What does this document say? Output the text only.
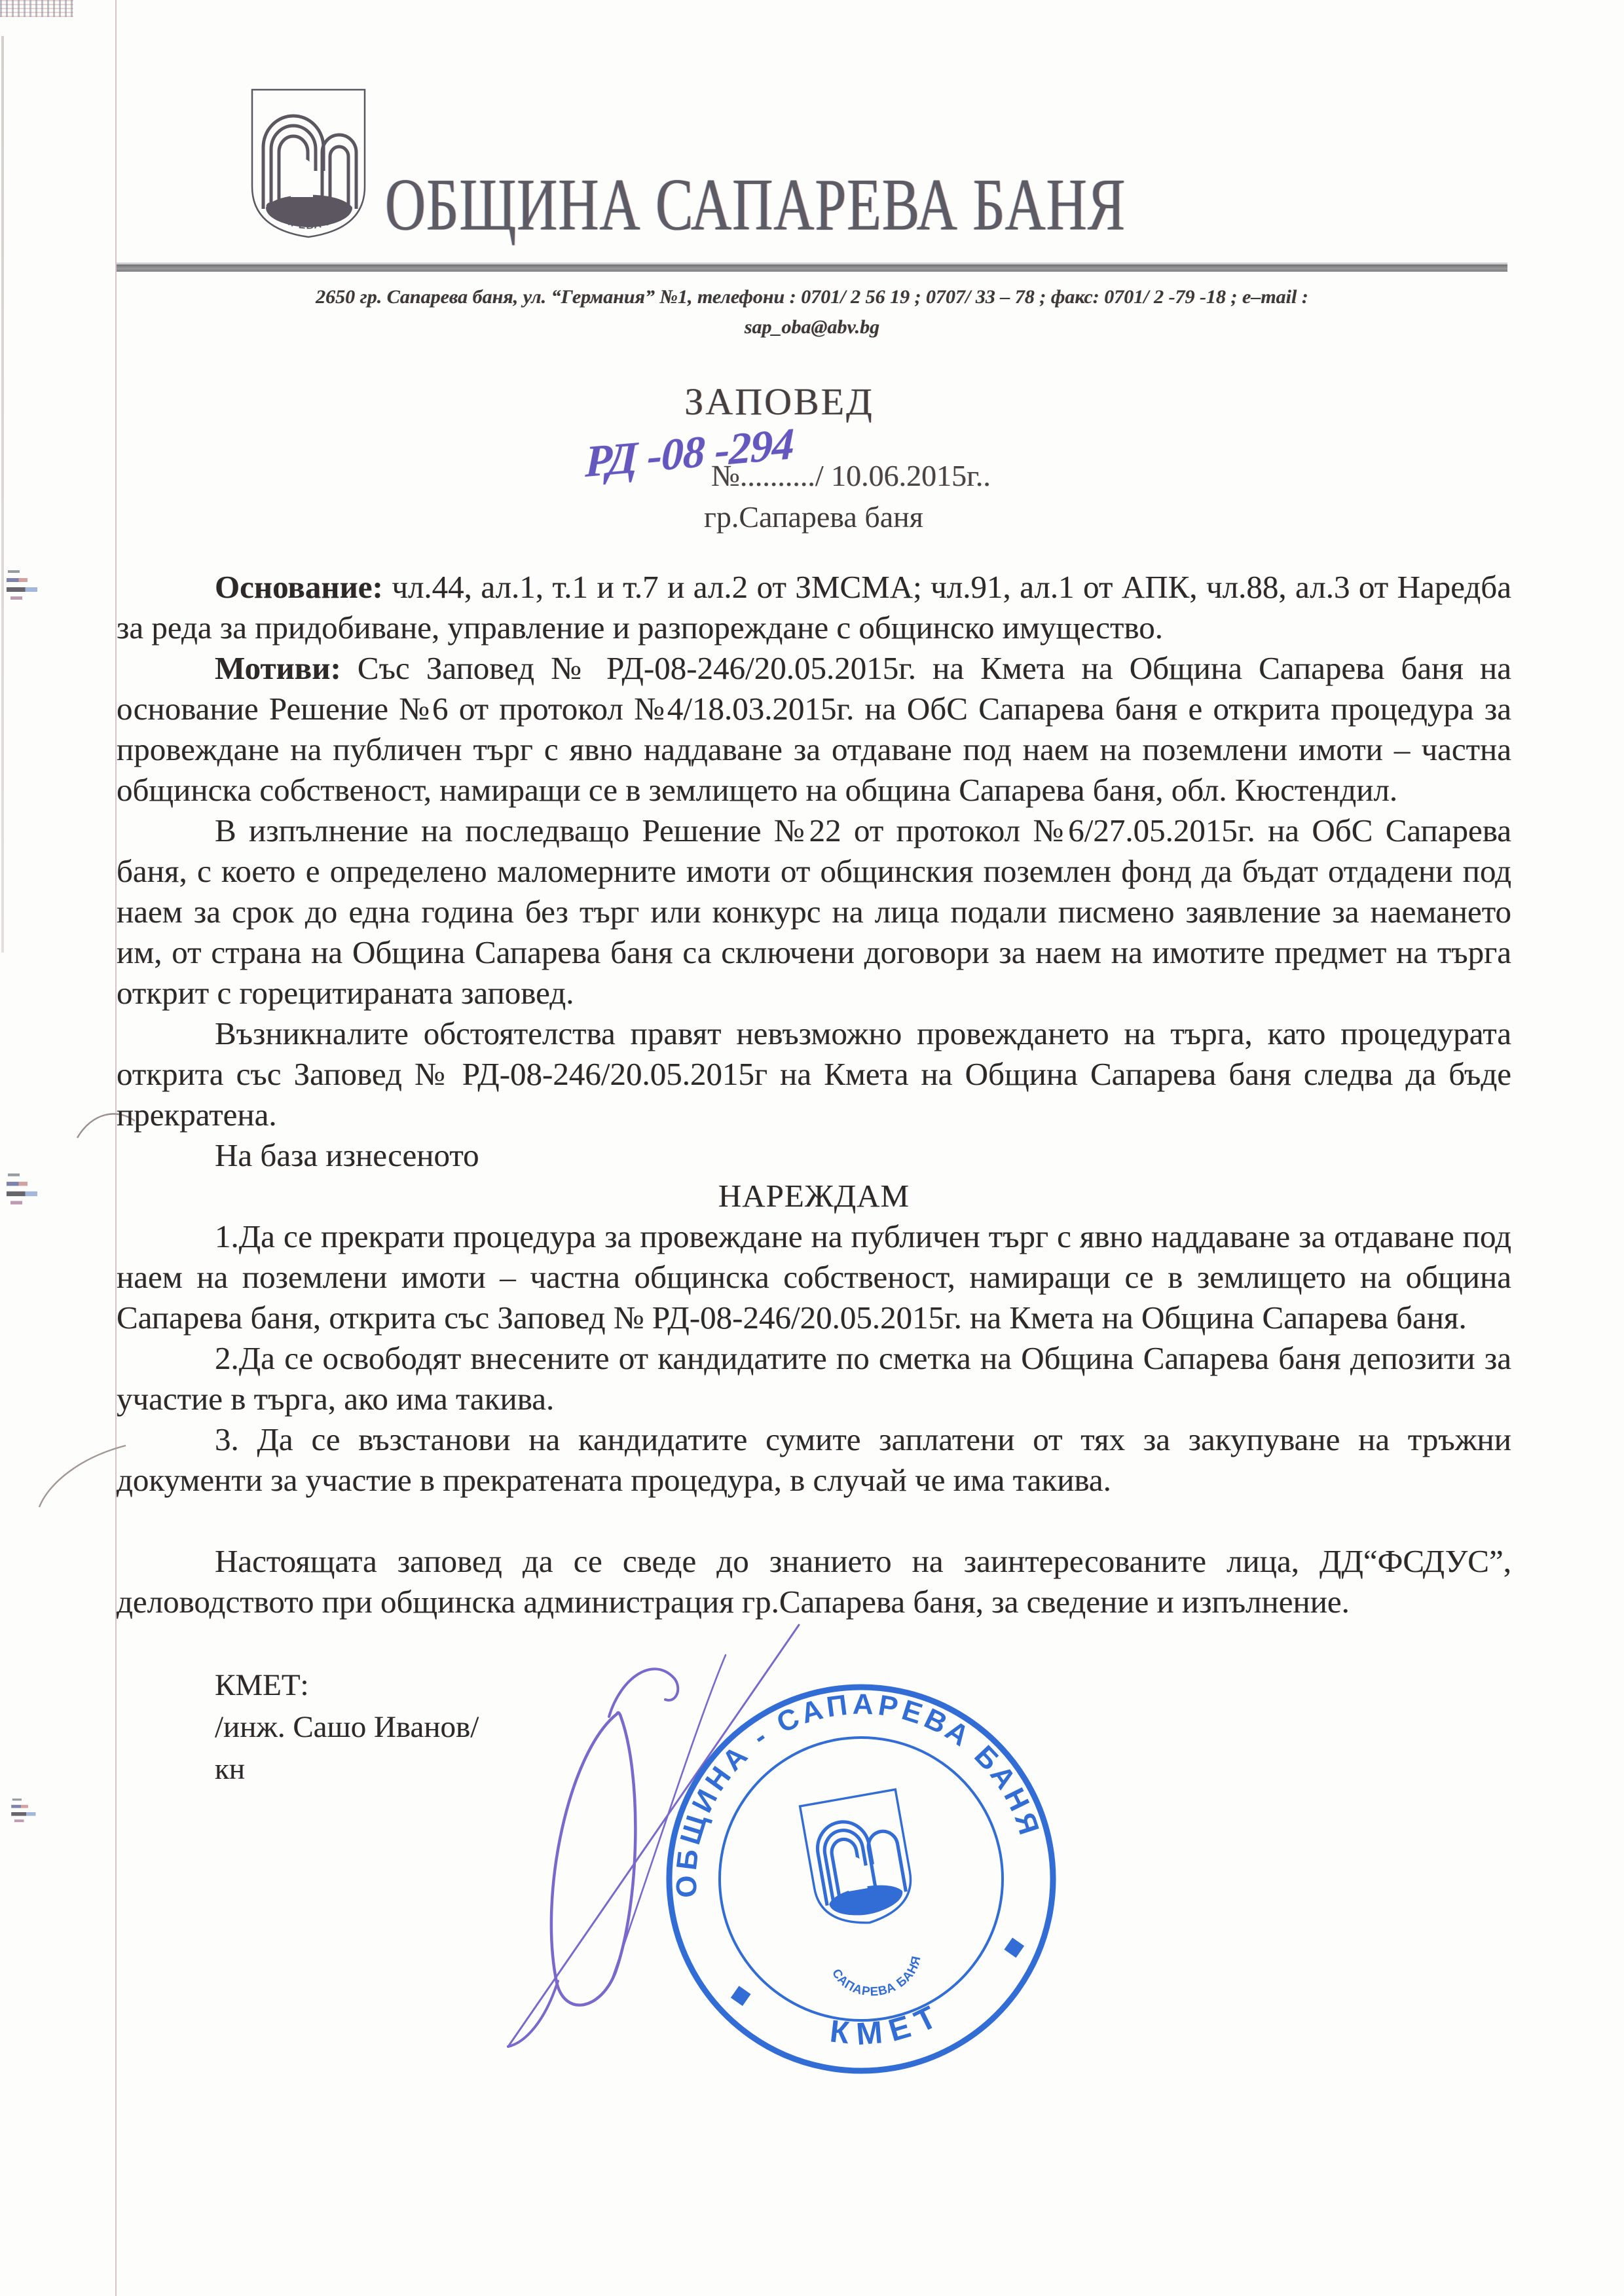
САПАРЕВА БАНЯ ОБЩИНА САПАРЕВА БАНЯ
2650 гр. Сапарева баня, ул. “Германия” №1, телефони : 0701/ 2 56 19 ; 0707/ 33 – 78 ; факс: 0701/ 2 -79 -18 ; e–mail :
sap_oba@abv.bg
ЗАПОВЕД
№........../ 10.06.2015г..
РД -08 -294
гр.Сапарева баня

Основание: чл.44, ал.1, т.1 и т.7 и ал.2 от ЗМСМА; чл.91, ал.1 от АПК, чл.88, ал.3 от Наредба за реда за придобиване, управление и разпореждане с общинско имущество.

Мотиви: Със Заповед № РД-08-246/20.05.2015г. на Кмета на Община Сапарева баня на основание Решение №6 от протокол №4/18.03.2015г. на ОбС Сапарева баня е открита процедура за провеждане на публичен търг с явно наддаване за отдаване под наем на поземлени имоти – частна общинска собственост, намиращи се в землището на община Сапарева баня, обл. Кюстендил.

В изпълнение на последващо Решение №22 от протокол №6/27.05.2015г. на ОбС Сапарева баня, с което е определено маломерните имоти от общинския поземлен фонд да бъдат отдадени под наем за срок до една година без търг или конкурс на лица подали писмено заявление за наемането им, от страна на Община Сапарева баня са сключени договори за наем на имотите предмет на търга открит с горецитираната заповед.

Възникналите обстоятелства правят невъзможно провеждането на търга, като процедурата открита със Заповед № РД-08-246/20.05.2015г на Кмета на Община Сапарева баня следва да бъде прекратена.

На база изнесеното

НАРЕЖДАМ

1.Да се прекрати процедура за провеждане на публичен търг с явно наддаване за отдаване под наем на поземлени имоти – частна общинска собственост, намиращи се в землището на община Сапарева баня, открита със Заповед № РД-08-246/20.05.2015г. на Кмета на Община Сапарева баня.

2.Да се освободят внесените от кандидатите по сметка на Община Сапарева баня депозити за участие в търга, ако има такива.

3. Да се възстанови на кандидатите сумите заплатени от тях за закупуване на тръжни документи за участие в прекратената процедура, в случай че има такива.

Настоящата заповед да се сведе до знанието на заинтересованите лица, ДД“ФСДУС”, деловодството при общинска администрация гр.Сапарева баня, за сведение и изпълнение.

КМЕТ:

/инж. Сашо Иванов/

кн

ОБЩИНА - САПАРЕВА БАНЯ
КМЕТ
САПАРЕВА БАНЯ
